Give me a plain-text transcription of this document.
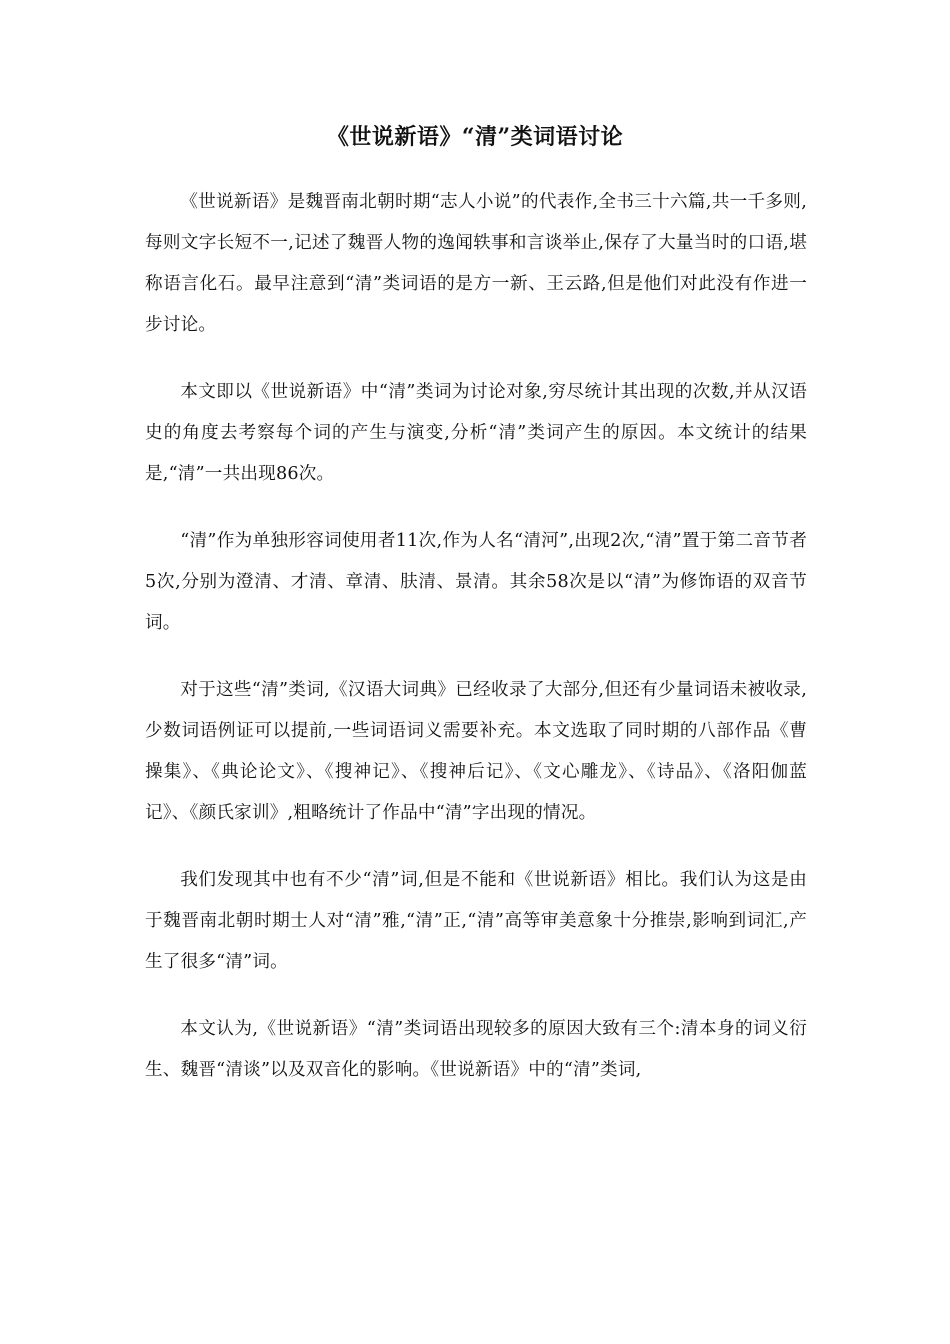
《世说新语》“清”类词语讨论

《世说新语》是魏晋南北朝时期“志人小说”的代表作,全书三十六篇,共一千多则,每则文字长短不一,记述了魏晋人物的逸闻轶事和言谈举止,保存了大量当时的口语,堪称语言化石。最早注意到“清”类词语的是方一新、王云路,但是他们对此没有作进一步讨论。

本文即以《世说新语》中“清”类词为讨论对象,穷尽统计其出现的次数,并从汉语史的角度去考察每个词的产生与演变,分析“清”类词产生的原因。本文统计的结果是,“清”一共出现86次。

“清”作为单独形容词使用者11次,作为人名“清河”,出现2次,“清”置于第二音节者5次,分别为澄清、才清、章清、肤清、景清。其余58次是以“清”为修饰语的双音节词。

对于这些“清”类词,《汉语大词典》已经收录了大部分,但还有少量词语未被收录,少数词语例证可以提前,一些词语词义需要补充。本文选取了同时期的八部作品《曹操集》、《典论论文》、《搜神记》、《搜神后记》、《文心雕龙》、《诗品》、《洛阳伽蓝记》、《颜氏家训》,粗略统计了作品中“清”字出现的情况。

我们发现其中也有不少“清”词,但是不能和《世说新语》相比。我们认为这是由于魏晋南北朝时期士人对“清”雅,“清”正,“清”高等审美意象十分推崇,影响到词汇,产生了很多“清”词。

本文认为,《世说新语》“清”类词语出现较多的原因大致有三个:清本身的词义衍生、魏晋“清谈”以及双音化的影响。《世说新语》中的“清”类词,
